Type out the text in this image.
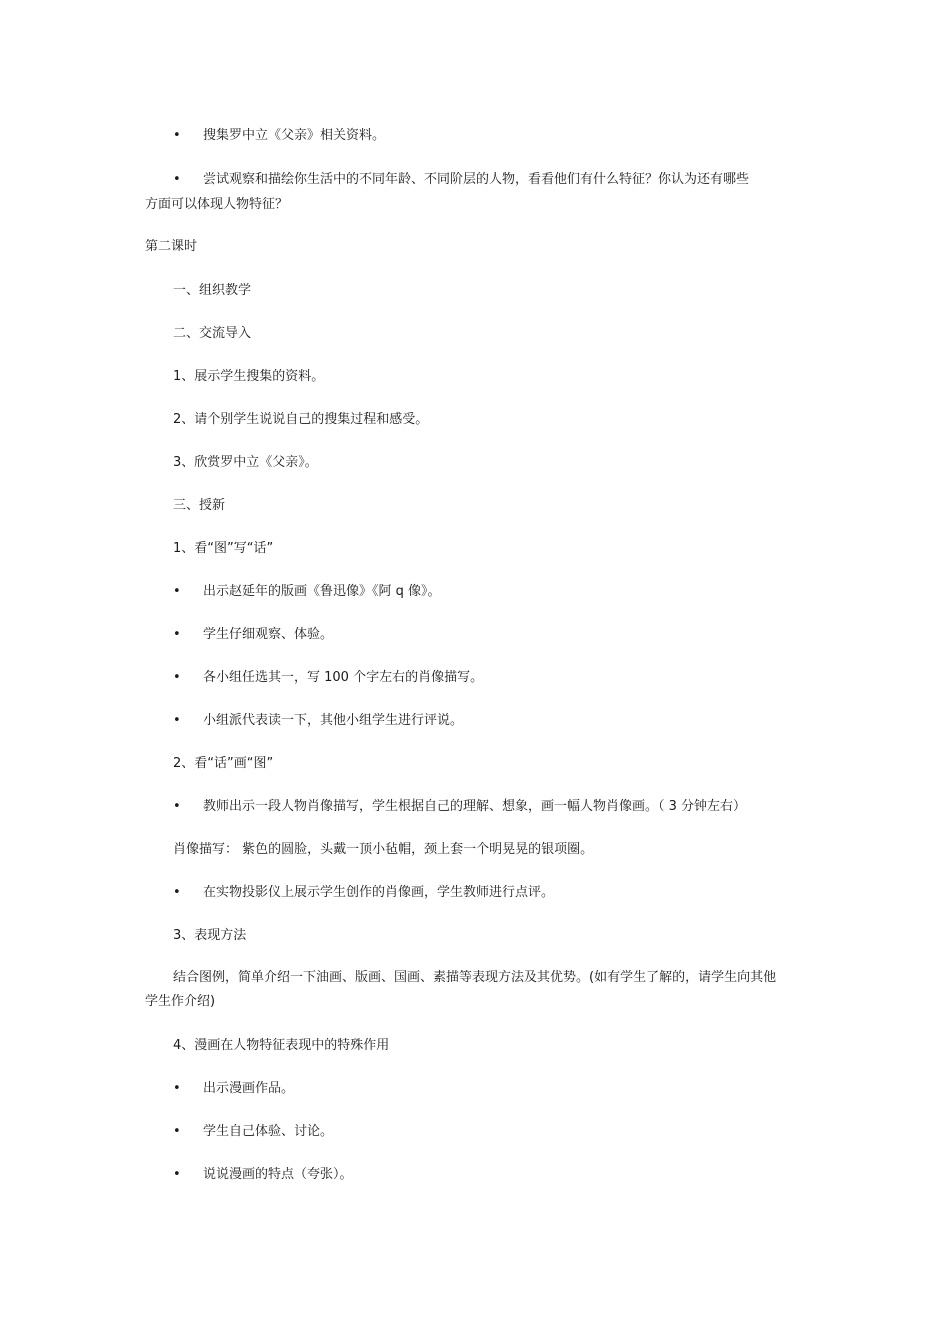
• 搜集罗中立《父亲》相关资料。
• 尝试观察和描绘你生活中的不同年龄、不同阶层的人物，看看他们有什么特征？你认为还有哪些
方面可以体现人物特征？
第二课时
一、组织教学
二、交流导入
1、展示学生搜集的资料。
2、请个别学生说说自己的搜集过程和感受。
3、欣赏罗中立《父亲》。
三、授新
1、看“图”写“话”
• 出示赵延年的版画《鲁迅像》《阿 q 像》。
• 学生仔细观察、体验。
• 各小组任选其一，写 100 个字左右的肖像描写。
• 小组派代表读一下，其他小组学生进行评说。
2、看“话”画“图”
• 教师出示一段人物肖像描写，学生根据自己的理解、想象，画一幅人物肖像画。（ 3 分钟左右）
肖像描写： 紫色的圆脸，头戴一顶小毡帽，颈上套一个明晃晃的银项圈。
• 在实物投影仪上展示学生创作的肖像画，学生教师进行点评。
3、表现方法
结合图例，简单介绍一下油画、版画、国画、素描等表现方法及其优势。(如有学生了解的，请学生向其他
学生作介绍)
4、漫画在人物特征表现中的特殊作用
• 出示漫画作品。
• 学生自己体验、讨论。
• 说说漫画的特点（夸张）。
